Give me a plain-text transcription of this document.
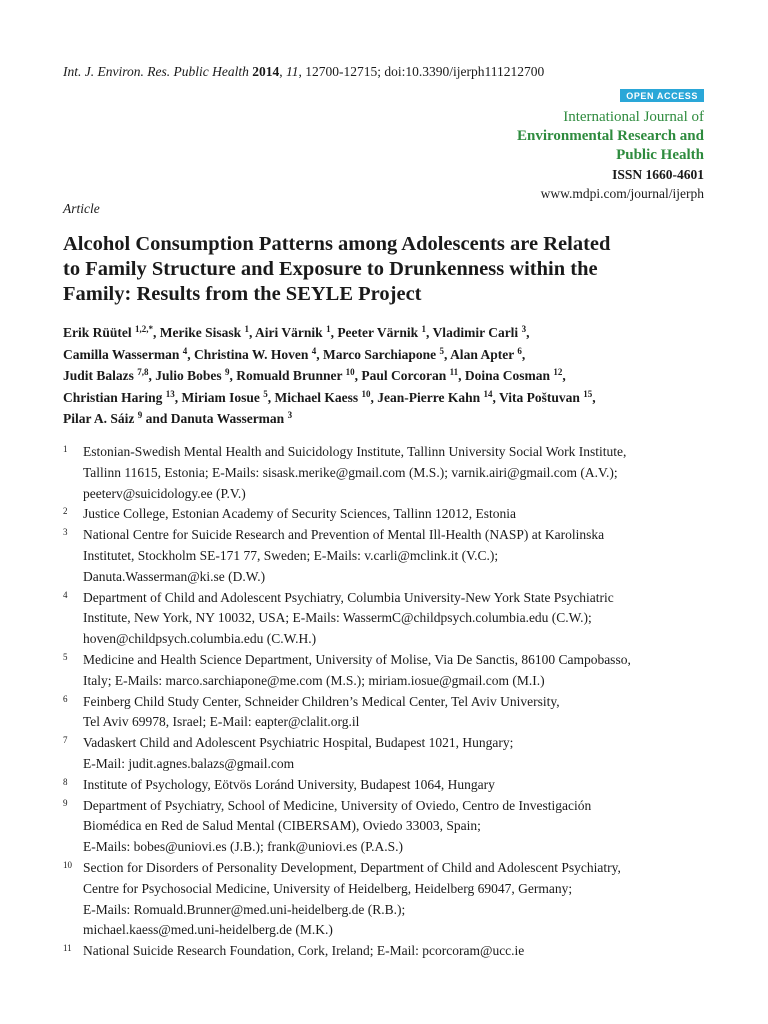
Int. J. Environ. Res. Public Health 2014, 11, 12700-12715; doi:10.3390/ijerph111212700
OPEN ACCESS
International Journal of
Environmental Research and
Public Health
ISSN 1660-4601
www.mdpi.com/journal/ijerph
Article
Alcohol Consumption Patterns among Adolescents are Related
to Family Structure and Exposure to Drunkenness within the
Family: Results from the SEYLE Project
Erik Rüütel $^{1,2,*}$, Merike Sisask $^1$, Airi Värnik $^1$, Peeter Värnik $^1$, Vladimir Carli $^3$,
Camilla Wasserman $^4$, Christina W. Hoven $^4$, Marco Sarchiapone $^5$, Alan Apter $^6$,
Judit Balazs $^{7,8}$, Julio Bobes $^9$, Romuald Brunner $^{10}$, Paul Corcoran $^{11}$, Doina Cosman $^{12}$,
Christian Haring $^{13}$, Miriam Iosue $^5$, Michael Kaess $^{10}$, Jean-Pierre Kahn $^{14}$, Vita Poštuvan $^{15}$,
Pilar A. Sáiz $^9$ and Danuta Wasserman $^3$
1 Estonian-Swedish Mental Health and Suicidology Institute, Tallinn University Social Work Institute,
Tallinn 11615, Estonia; E-Mails: sisask.merike@gmail.com (M.S.); varnik.airi@gmail.com (A.V.);
peeterv@suicidology.ee (P.V.)
2 Justice College, Estonian Academy of Security Sciences, Tallinn 12012, Estonia
3 National Centre for Suicide Research and Prevention of Mental Ill-Health (NASP) at Karolinska
Institutet, Stockholm SE-171 77, Sweden; E-Mails: v.carli@mclink.it (V.C.);
Danuta.Wasserman@ki.se (D.W.)
4 Department of Child and Adolescent Psychiatry, Columbia University-New York State Psychiatric
Institute, New York, NY 10032, USA; E-Mails: WassermC@childpsych.columbia.edu (C.W.);
hoven@childpsych.columbia.edu (C.W.H.)
5 Medicine and Health Science Department, University of Molise, Via De Sanctis, 86100 Campobasso,
Italy; E-Mails: marco.sarchiapone@me.com (M.S.); miriam.iosue@gmail.com (M.I.)
6 Feinberg Child Study Center, Schneider Children’s Medical Center, Tel Aviv University,
Tel Aviv 69978, Israel; E-Mail: eapter@clalit.org.il
7 Vadaskert Child and Adolescent Psychiatric Hospital, Budapest 1021, Hungary;
E-Mail: judit.agnes.balazs@gmail.com
8 Institute of Psychology, Eötvös Loránd University, Budapest 1064, Hungary
9 Department of Psychiatry, School of Medicine, University of Oviedo, Centro de Investigación
Biomédica en Red de Salud Mental (CIBERSAM), Oviedo 33003, Spain;
E-Mails: bobes@uniovi.es (J.B.); frank@uniovi.es (P.A.S.)
10 Section for Disorders of Personality Development, Department of Child and Adolescent Psychiatry,
Centre for Psychosocial Medicine, University of Heidelberg, Heidelberg 69047, Germany;
E-Mails: Romuald.Brunner@med.uni-heidelberg.de (R.B.);
michael.kaess@med.uni-heidelberg.de (M.K.)
11 National Suicide Research Foundation, Cork, Ireland; E-Mail: pcorcoram@ucc.ie
